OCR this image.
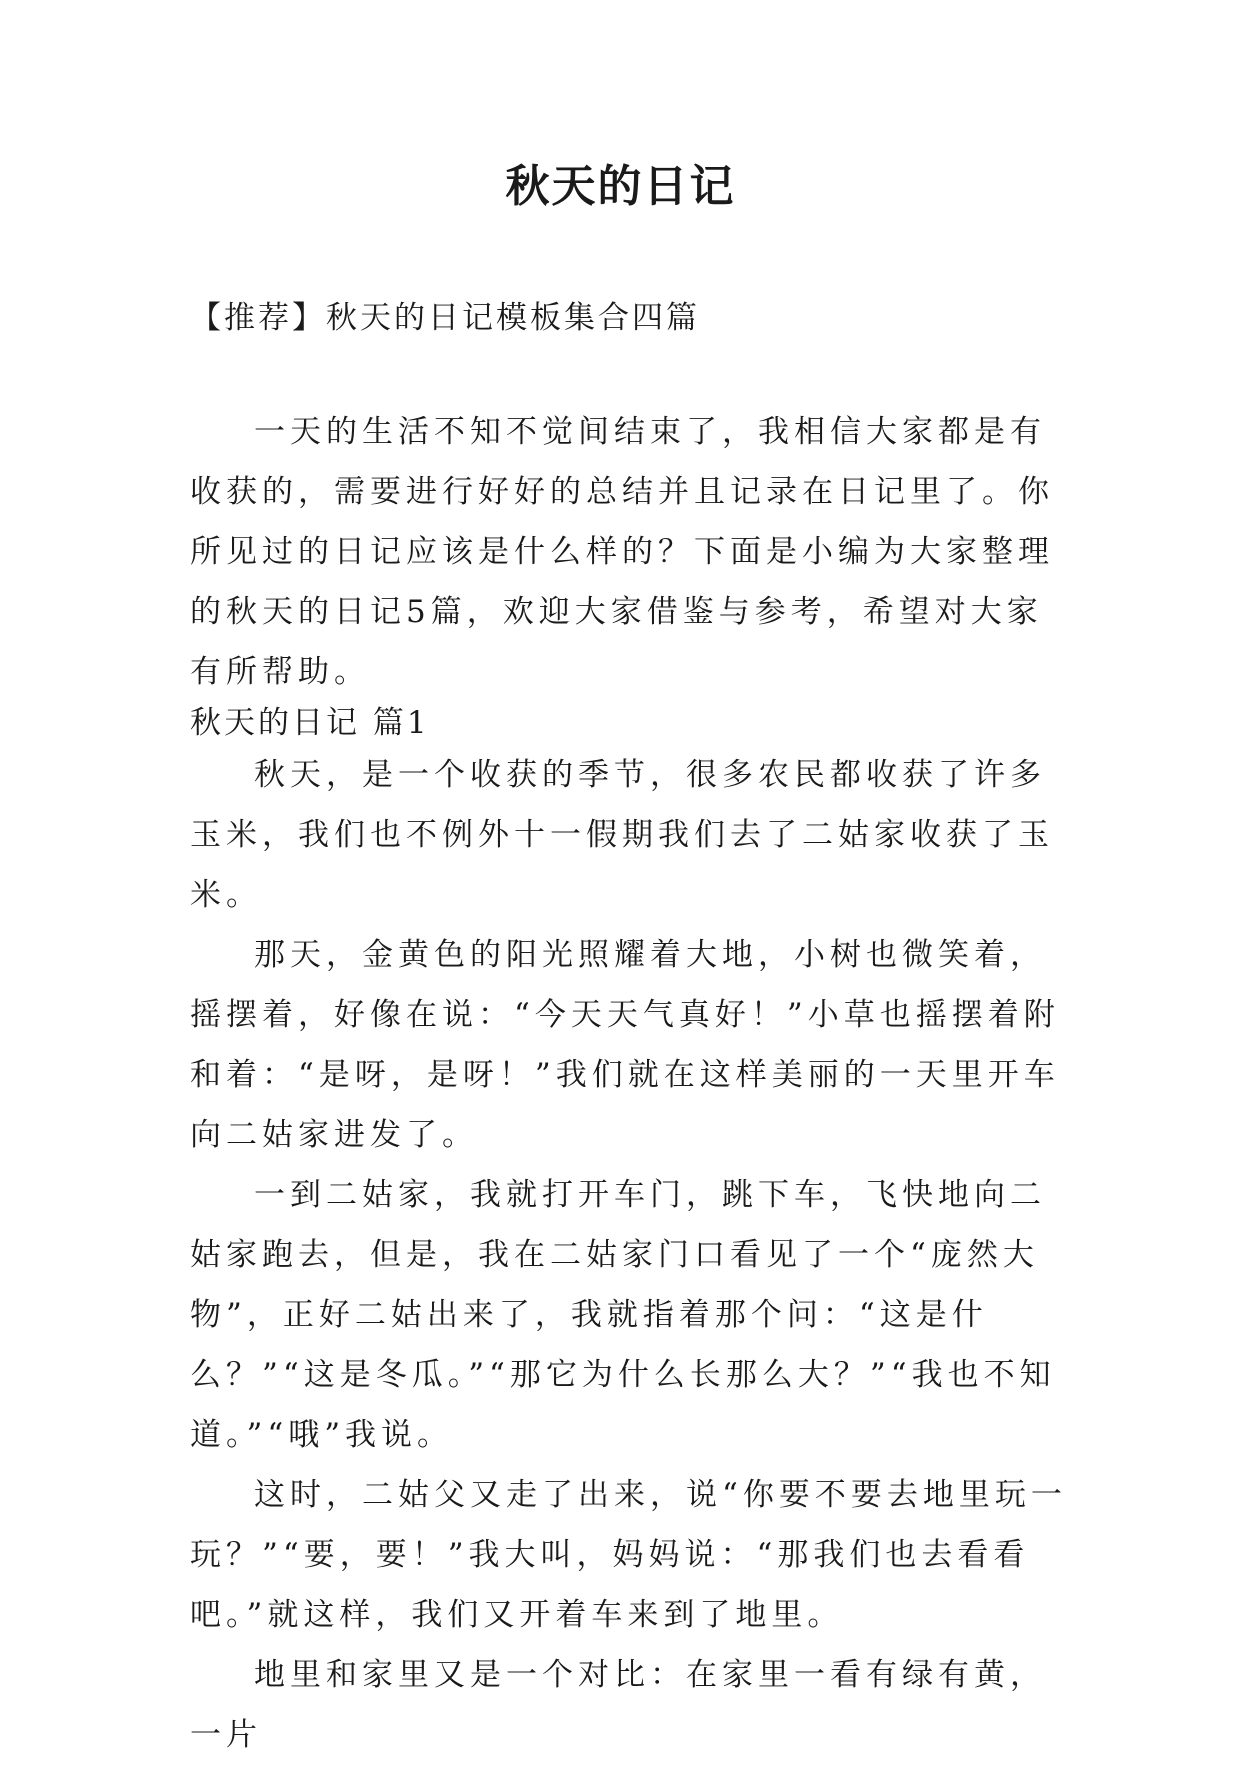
秋天的日记
【推荐】秋天的日记模板集合四篇

一天的生活不知不觉间结束了，我相信大家都是有收获的，需要进行好好的总结并且记录在日记里了。你所见过的日记应该是什么样的？下面是小编为大家整理的秋天的日记5篇，欢迎大家借鉴与参考，希望对大家有所帮助。

秋天的日记 篇1

秋天，是一个收获的季节，很多农民都收获了许多玉米，我们也不例外十一假期我们去了二姑家收获了玉米。

那天，金黄色的阳光照耀着大地，小树也微笑着，摇摆着，好像在说：“今天天气真好！”小草也摇摆着附和着：“是呀，是呀！”我们就在这样美丽的一天里开车向二姑家进发了。

一到二姑家，我就打开车门，跳下车，飞快地向二姑家跑去，但是，我在二姑家门口看见了一个“庞然大物”，正好二姑出来了，我就指着那个问：“这是什么？”“这是冬瓜。”“那它为什么长那么大？”“我也不知道。”“哦”我说。

这时，二姑父又走了出来，说“你要不要去地里玩一玩？”“要，要！”我大叫，妈妈说：“那我们也去看看吧。”就这样，我们又开着车来到了地里。

地里和家里又是一个对比：在家里一看有绿有黄，一片
